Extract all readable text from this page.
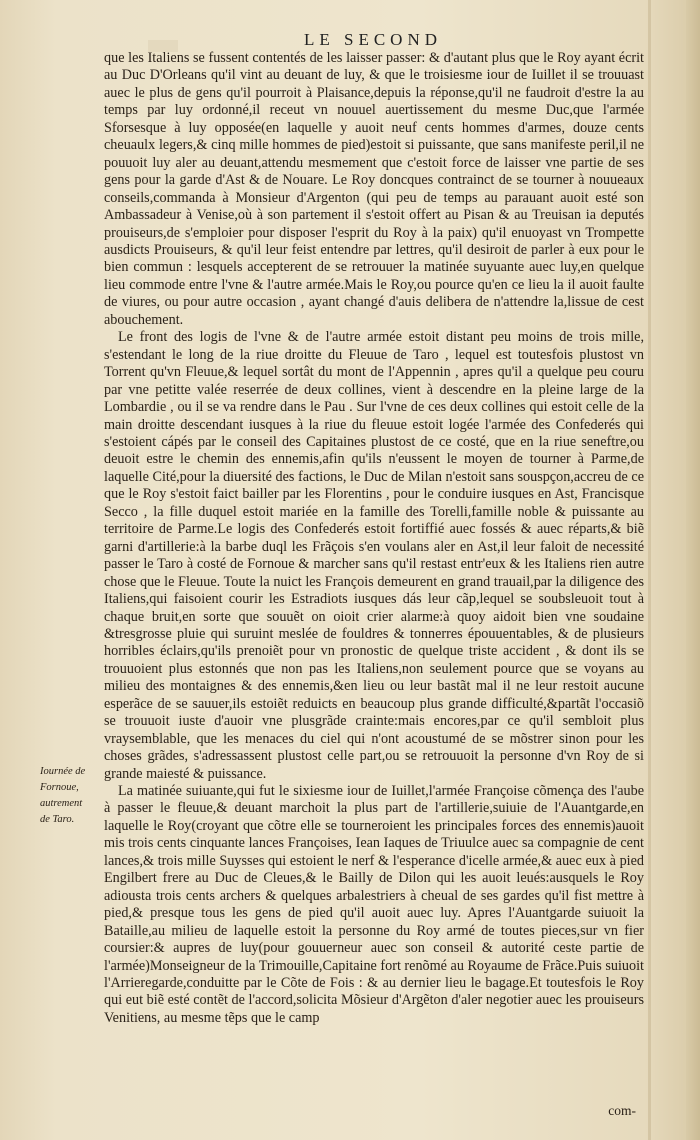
LE SECOND
Iournée de
Fornoue,
autrement
de Taro.

que les Italiens se fussent contentés de les laisser passer: & d'autant plus que le Roy ayant écrit au Duc D'Orleans qu'il vint au deuant de luy, & que le troisiesme iour de Iuillet il se trouuast auec le plus de gens qu'il pourroit à Plaisance,depuis la réponse,qu'il ne faudroit d'estre la au temps par luy ordonné,il receut vn nouuel auertissement du mesme Duc,que l'armée Sforsesque à luy opposée(en laquelle y auoit neuf cents hommes d'armes, douze cents cheuaulx legers,& cinq mille hommes de pied)estoit si puissante, que sans manifeste peril,il ne pouuoit luy aler au deuant,attendu mesmement que c'estoit force de laisser vne partie de ses gens pour la garde d'Ast & de Nouare. Le Roy doncques contrainct de se tourner à nouueaux conseils,commanda à Monsieur d'Argenton (qui peu de temps au parauant auoit esté son Ambassadeur à Venise,où à son partement il s'estoit offert au Pisan & au Treuisan ia deputés prouiseurs,de s'emploier pour disposer l'esprit du Roy à la paix) qu'il enuoyast vn Trompette ausdicts Prouiseurs, & qu'il leur feist entendre par lettres, qu'il desiroit de parler à eux pour le bien commun : lesquels accepterent de se retrouuer la matinée suyuante auec luy,en quelque lieu commode entre l'vne & l'autre armée.Mais le Roy,ou pource qu'en ce lieu la il auoit faulte de viures, ou pour autre occasion , ayant changé d'auis delibera de n'attendre la,lissue de cest abouchement.

Le front des logis de l'vne & de l'autre armée estoit distant peu moins de trois mille, s'estendant le long de la riue droitte du Fleuue de Taro , lequel est toutesfois plustost vn Torrent qu'vn Fleuue,& lequel sortât du mont de l'Appennin , apres qu'il a quelque peu couru par vne petitte valée reserrée de deux collines, vient à descendre en la pleine large de la Lombardie , ou il se va rendre dans le Pau . Sur l'vne de ces deux collines qui estoit celle de la main droitte descendant iusques à la riue du fleuue estoit logée l'armée des Confederés qui s'estoient cápés par le conseil des Capitaines plustost de ce costé, que en la riue seneftre,ou deuoit estre le chemin des ennemis,afin qu'ils n'eussent le moyen de tourner à Parme,de laquelle Cité,pour la diuersité des factions, le Duc de Milan n'estoit sans souspçon,accreu de ce que le Roy s'estoit faict bailler par les Florentins , pour le conduire iusques en Ast, Francisque Secco , la fille duquel estoit mariée en la famille des Torelli,famille noble & puissante au territoire de Parme.Le logis des Confederés estoit fortiffié auec fossés & auec réparts,& biẽ garni d'artillerie:à la barbe duql les Frãçois s'en voulans aler en Ast,il leur faloit de necessité passer le Taro à costé de Fornoue & marcher sans qu'il restast entr'eux & les Italiens rien autre chose que le Fleuue. Toute la nuict les François demeurent en grand trauail,par la diligence des Italiens,qui faisoient courir les Estradiots iusques dás leur cãp,lequel se soubsleuoit tout à chaque bruit,en sorte que souuẽt on oioit crier alarme:à quoy aidoit bien vne soudaine &tresgrosse pluie qui suruint meslée de fouldres & tonnerres épouuentables, & de plusieurs horribles éclairs,qu'ils prenoiẽt pour vn pronostic de quelque triste accident , & dont ils se trouuoient plus estonnés que non pas les Italiens,non seulement pource que se voyans au milieu des montaignes & des ennemis,&en lieu ou leur bastãt mal il ne leur restoit aucune esperãce de se sauuer,ils estoiẽt reduicts en beaucoup plus grande difficulté,&partãt l'occasiõ se trouuoit iuste d'auoir vne plusgrãde crainte:mais encores,par ce qu'il sembloit plus vraysemblable, que les menaces du ciel qui n'ont acoustumé de se mõstrer sinon pour les choses grãdes, s'adressassent plustost celle part,ou se retrouuoit la personne d'vn Roy de si grande maiesté & puissance.

La matinée suiuante,qui fut le sixiesme iour de Iuillet,l'armée Françoise cõmença des l'aube à passer le fleuue,& deuant marchoit la plus part de l'artillerie,suiuie de l'Auantgarde,en laquelle le Roy(croyant que cõtre elle se tourneroient les principales forces des ennemis)auoit mis trois cents cinquante lances Françoises, Iean Iaques de Triuulce auec sa compagnie de cent lances,& trois mille Suysses qui estoient le nerf & l'esperance d'icelle armée,& auec eux à pied Engilbert frere au Duc de Cleues,& le Bailly de Dilon qui les auoit leués:ausquels le Roy adiousta trois cents archers & quelques arbalestriers à cheual de ses gardes qu'il fist mettre à pied,& presque tous les gens de pied qu'il auoit auec luy. Apres l'Auantgarde suiuoit la Bataille,au milieu de laquelle estoit la personne du Roy armé de toutes pieces,sur vn fier coursier:& aupres de luy(pour gouuerneur auec son conseil & autorité ceste partie de l'armée)Monseigneur de la Trimouille,Capitaine fort renõmé au Royaume de Frãce.Puis suiuoit l'Arrieregarde,conduitte par le Cõte de Fois : & au dernier lieu le bagage.Et toutesfois le Roy qui eut biẽ esté contẽt de l'accord,solicita Mõsieur d'Argẽton d'aler negotier auec les prouiseurs Venitiens, au mesme tẽps que le camp

com-
